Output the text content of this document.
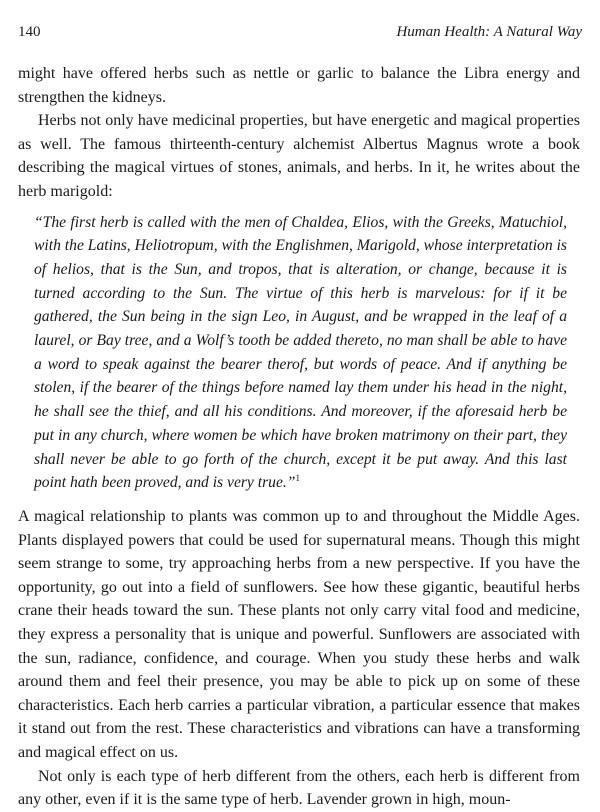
140	Human Health: A Natural Way

might have offered herbs such as nettle or garlic to balance the Libra energy and strengthen the kidneys.

Herbs not only have medicinal properties, but have energetic and magical properties as well. The famous thirteenth-century alchemist Albertus Magnus wrote a book describing the magical virtues of stones, animals, and herbs. In it, he writes about the herb marigold:

“The first herb is called with the men of Chaldea, Elios, with the Greeks, Matuchiol, with the Latins, Heliotropum, with the Englishmen, Marigold, whose interpretation is of helios, that is the Sun, and tropos, that is alteration, or change, because it is turned according to the Sun. The virtue of this herb is marvelous: for if it be gathered, the Sun being in the sign Leo, in August, and be wrapped in the leaf of a laurel, or Bay tree, and a Wolf’s tooth be added thereto, no man shall be able to have a word to speak against the bearer therof, but words of peace. And if anything be stolen, if the bearer of the things before named lay them under his head in the night, he shall see the thief, and all his conditions. And moreover, if the aforesaid herb be put in any church, where women be which have broken matrimony on their part, they shall never be able to go forth of the church, except it be put away. And this last point hath been proved, and is very true.”$^1$

A magical relationship to plants was common up to and throughout the Middle Ages. Plants displayed powers that could be used for supernatural means. Though this might seem strange to some, try approaching herbs from a new perspective. If you have the opportunity, go out into a field of sunflowers. See how these gigantic, beautiful herbs crane their heads toward the sun. These plants not only carry vital food and medicine, they express a personality that is unique and powerful. Sunflowers are associated with the sun, radiance, confidence, and courage. When you study these herbs and walk around them and feel their presence, you may be able to pick up on some of these characteristics. Each herb carries a particular vibration, a particular essence that makes it stand out from the rest. These characteristics and vibrations can have a transforming and magical effect on us.

Not only is each type of herb different from the others, each herb is different from any other, even if it is the same type of herb. Lavender grown in high, moun-
